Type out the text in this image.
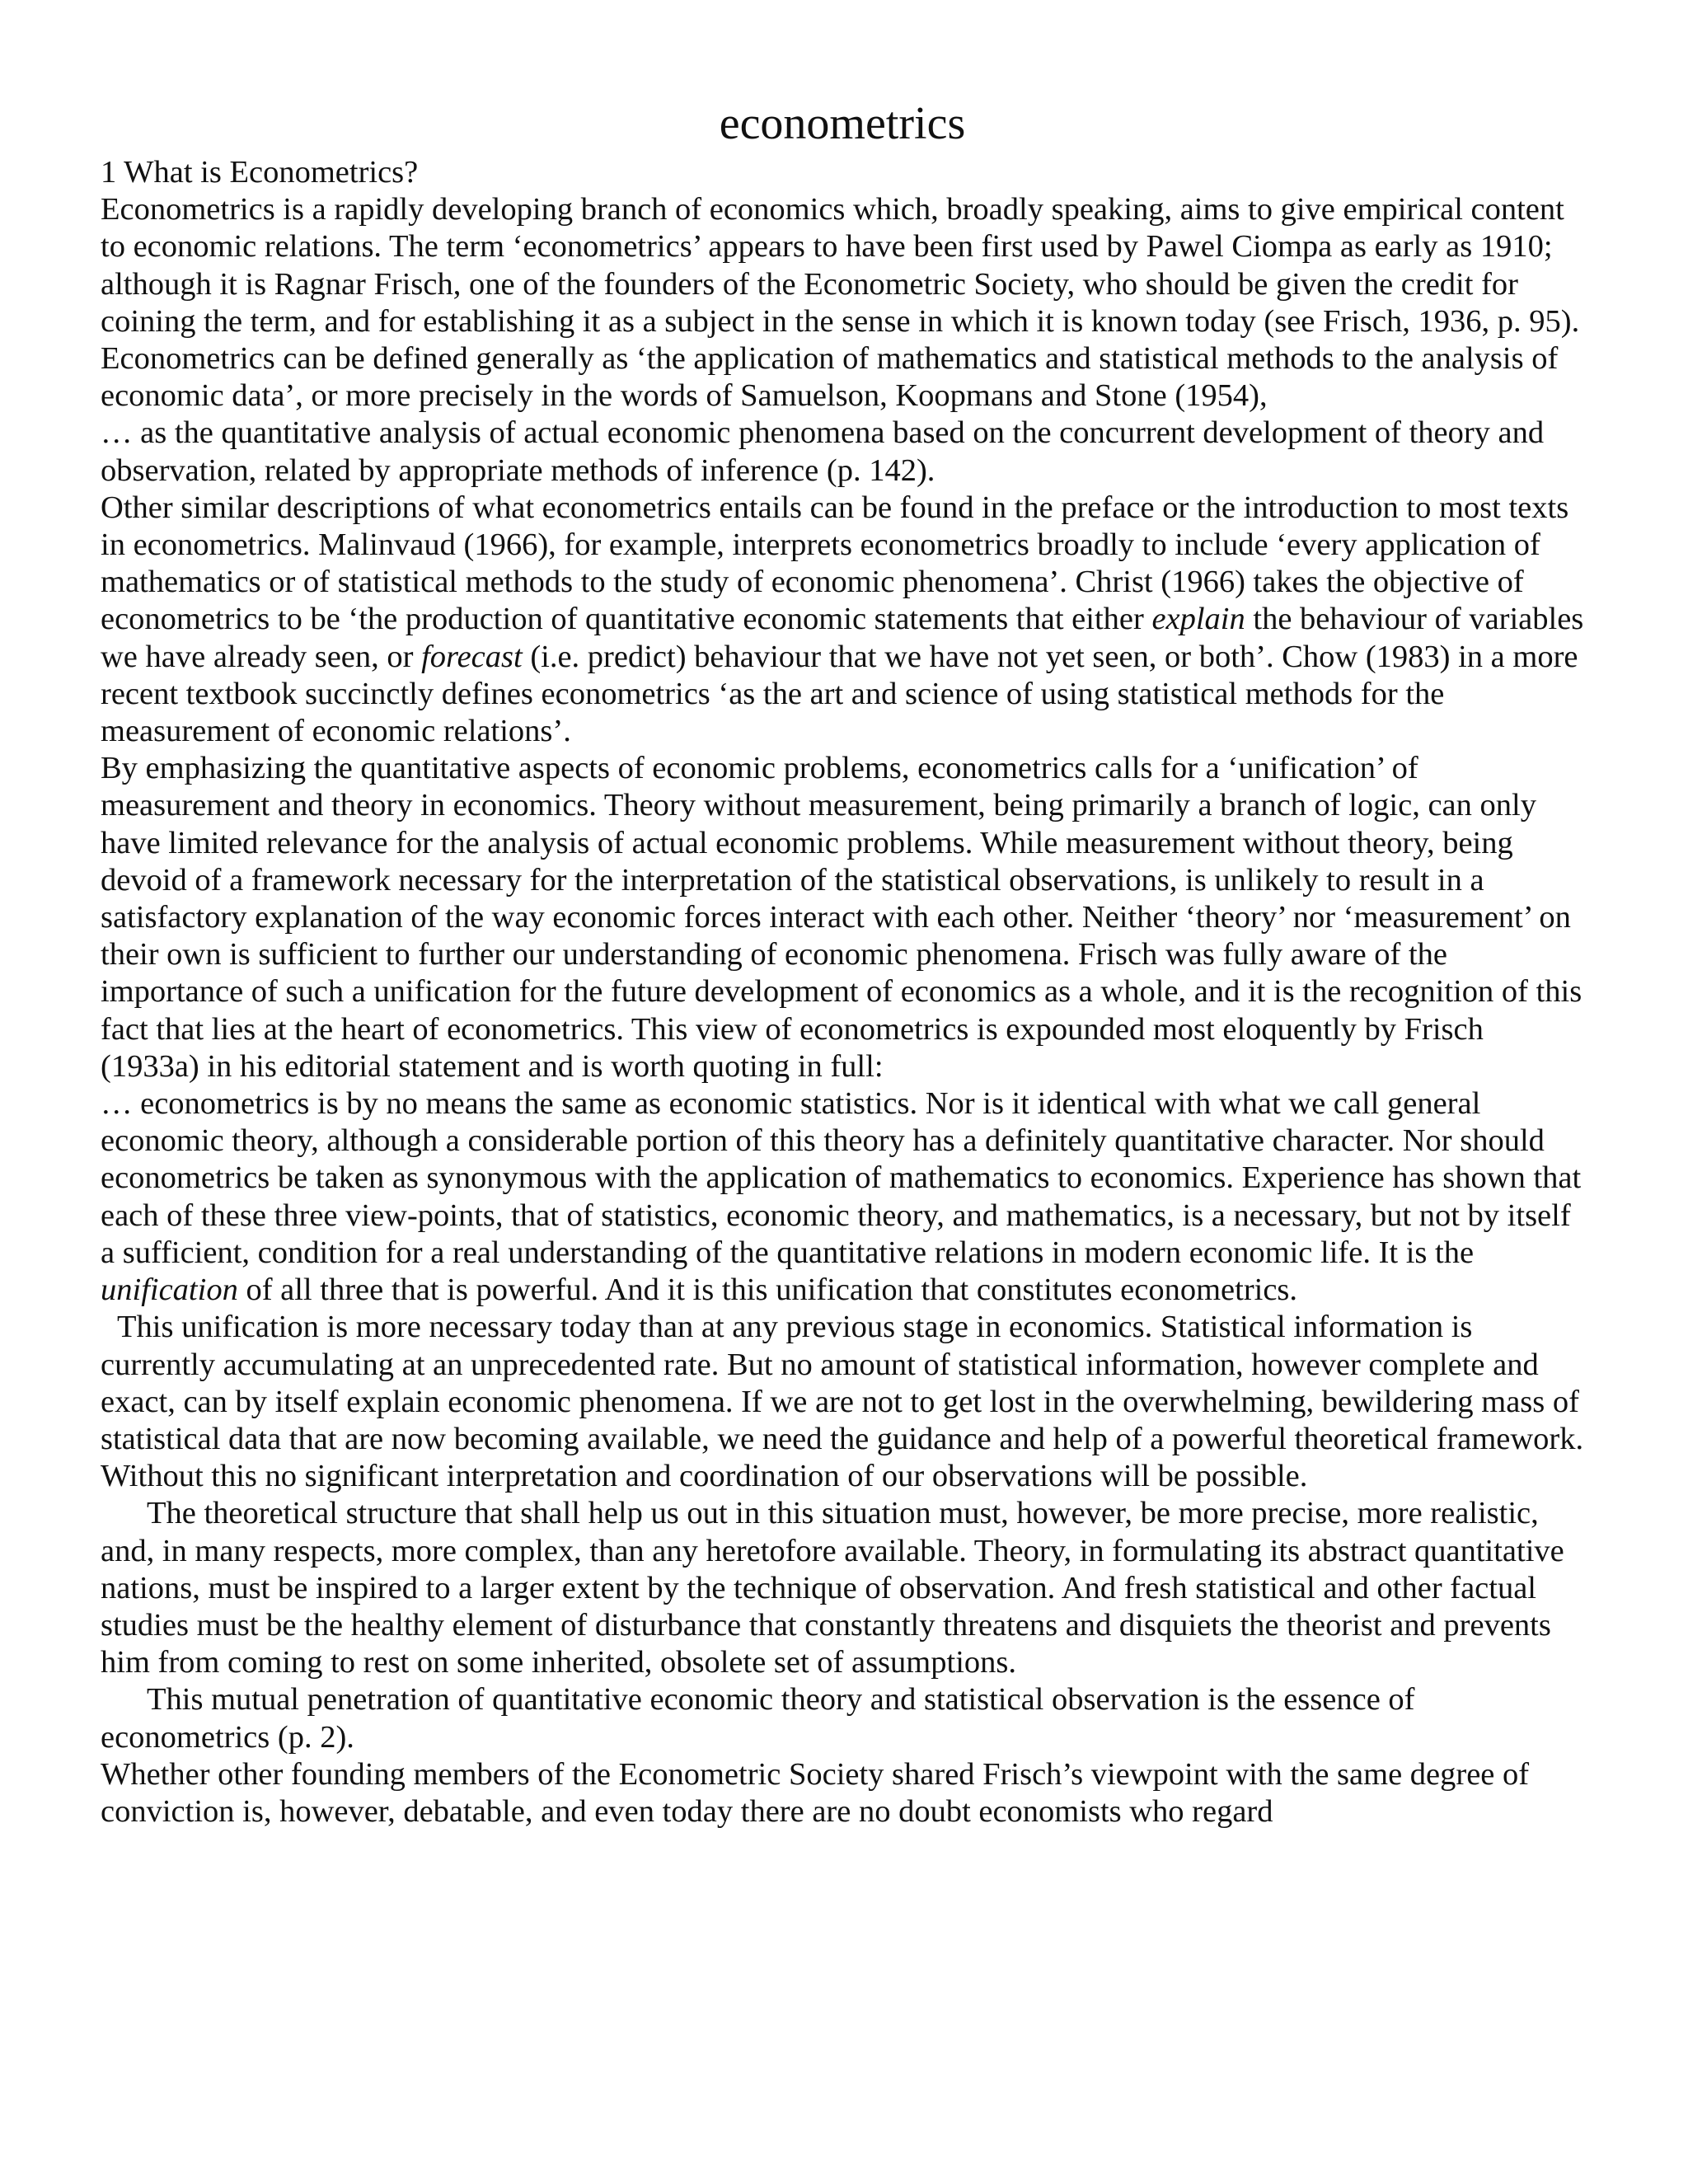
econometrics

1 What is Econometrics?

Econometrics is a rapidly developing branch of economics which, broadly speaking, aims to give empirical content to economic relations. The term ‘econometrics’ appears to have been first used by Pawel Ciompa as early as 1910; although it is Ragnar Frisch, one of the founders of the Econometric Society, who should be given the credit for coining the term, and for establishing it as a subject in the sense in which it is known today (see Frisch, 1936, p. 95). Econometrics can be defined generally as ‘the application of mathematics and statistical methods to the analysis of economic data’, or more precisely in the words of Samuelson, Koopmans and Stone (1954),

… as the quantitative analysis of actual economic phenomena based on the concurrent development of theory and observation, related by appropriate methods of inference (p. 142).

Other similar descriptions of what econometrics entails can be found in the preface or the introduction to most texts in econometrics. Malinvaud (1966), for example, interprets econometrics broadly to include ‘every application of mathematics or of statistical methods to the study of economic phenomena’. Christ (1966) takes the objective of econometrics to be ‘the production of quantitative economic statements that either explain the behaviour of variables we have already seen, or forecast (i.e. predict) behaviour that we have not yet seen, or both’. Chow (1983) in a more recent textbook succinctly defines econometrics ‘as the art and science of using statistical methods for the measurement of economic relations’.

By emphasizing the quantitative aspects of economic problems, econometrics calls for a ‘unification’ of measurement and theory in economics. Theory without measurement, being primarily a branch of logic, can only have limited relevance for the analysis of actual economic problems. While measurement without theory, being devoid of a framework necessary for the interpretation of the statistical observations, is unlikely to result in a satisfactory explanation of the way economic forces interact with each other. Neither ‘theory’ nor ‘measurement’ on their own is sufficient to further our understanding of economic phenomena. Frisch was fully aware of the importance of such a unification for the future development of economics as a whole, and it is the recognition of this fact that lies at the heart of econometrics. This view of econometrics is expounded most eloquently by Frisch (1933a) in his editorial statement and is worth quoting in full:

… econometrics is by no means the same as economic statistics. Nor is it identical with what we call general economic theory, although a considerable portion of this theory has a definitely quantitative character. Nor should econometrics be taken as synonymous with the application of mathematics to economics. Experience has shown that each of these three view-points, that of statistics, economic theory, and mathematics, is a necessary, but not by itself a sufficient, condition for a real understanding of the quantitative relations in modern economic life. It is the unification of all three that is powerful. And it is this unification that constitutes econometrics.

This unification is more necessary today than at any previous stage in economics. Statistical information is currently accumulating at an unprecedented rate. But no amount of statistical information, however complete and exact, can by itself explain economic phenomena. If we are not to get lost in the overwhelming, bewildering mass of statistical data that are now becoming available, we need the guidance and help of a powerful theoretical framework. Without this no significant interpretation and coordination of our observations will be possible.

The theoretical structure that shall help us out in this situation must, however, be more precise, more realistic, and, in many respects, more complex, than any heretofore available. Theory, in formulating its abstract quantitative nations, must be inspired to a larger extent by the technique of observation. And fresh statistical and other factual studies must be the healthy element of disturbance that constantly threatens and disquiets the theorist and prevents him from coming to rest on some inherited, obsolete set of assumptions.

This mutual penetration of quantitative economic theory and statistical observation is the essence of econometrics (p. 2).

Whether other founding members of the Econometric Society shared Frisch’s viewpoint with the same degree of conviction is, however, debatable, and even today there are no doubt economists who regard
